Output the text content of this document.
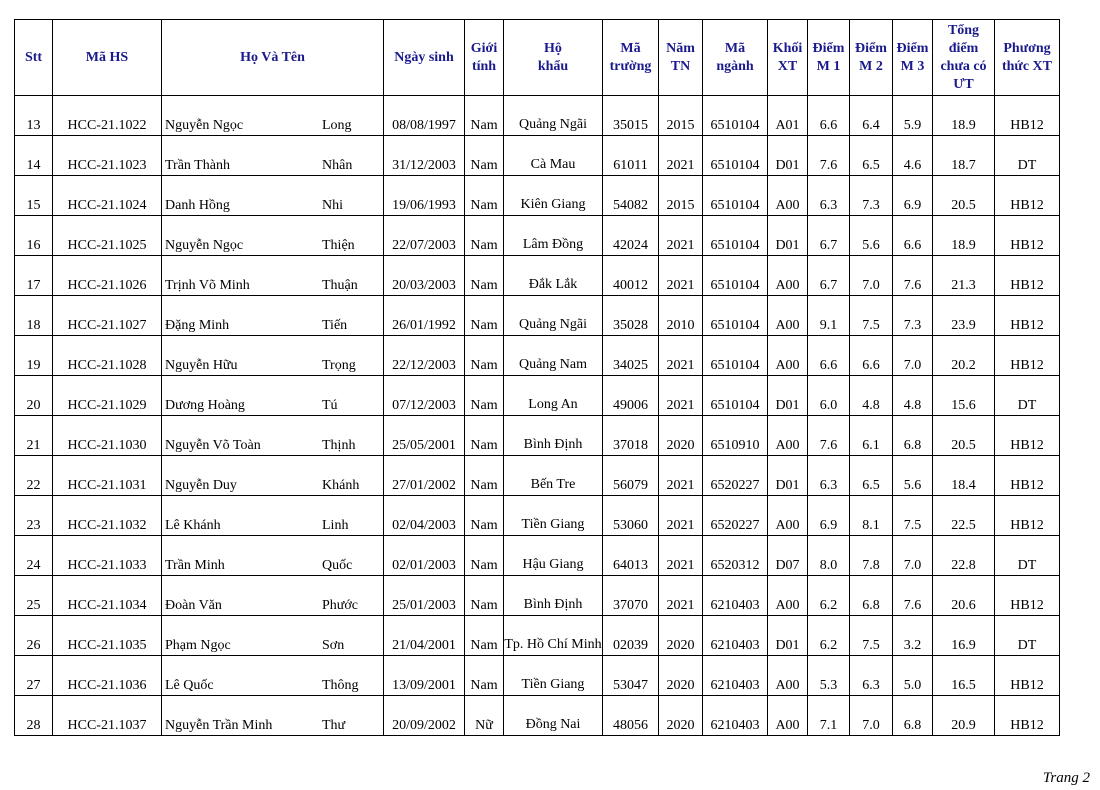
Stt	Mã HS	Họ Và Tên	Ngày sinh	Giới tính	Hộ khẩu	Mã trường	Năm TN	Mã ngành	Khối XT	Điểm M 1	Điểm M 2	Điểm M 3	Tổng điểm chưa có ƯT	Phương thức XT
13	HCC-21.1022	Nguyễn Ngọc Long	08/08/1997	Nam	Quảng Ngãi	35015	2015	6510104	A01	6.6	6.4	5.9	18.9	HB12
14	HCC-21.1023	Trần Thành Nhân	31/12/2003	Nam	Cà Mau	61011	2021	6510104	D01	7.6	6.5	4.6	18.7	DT
15	HCC-21.1024	Danh Hồng Nhi	19/06/1993	Nam	Kiên Giang	54082	2015	6510104	A00	6.3	7.3	6.9	20.5	HB12
16	HCC-21.1025	Nguyễn Ngọc Thiện	22/07/2003	Nam	Lâm Đồng	42024	2021	6510104	D01	6.7	5.6	6.6	18.9	HB12
17	HCC-21.1026	Trịnh Võ Minh Thuận	20/03/2003	Nam	Đắk Lắk	40012	2021	6510104	A00	6.7	7.0	7.6	21.3	HB12
18	HCC-21.1027	Đặng Minh Tiến	26/01/1992	Nam	Quảng Ngãi	35028	2010	6510104	A00	9.1	7.5	7.3	23.9	HB12
19	HCC-21.1028	Nguyễn Hữu Trọng	22/12/2003	Nam	Quảng Nam	34025	2021	6510104	A00	6.6	6.6	7.0	20.2	HB12
20	HCC-21.1029	Dương Hoàng Tú	07/12/2003	Nam	Long An	49006	2021	6510104	D01	6.0	4.8	4.8	15.6	DT
21	HCC-21.1030	Nguyễn Võ Toàn Thịnh	25/05/2001	Nam	Bình Định	37018	2020	6510910	A00	7.6	6.1	6.8	20.5	HB12
22	HCC-21.1031	Nguyễn Duy Khánh	27/01/2002	Nam	Bến Tre	56079	2021	6520227	D01	6.3	6.5	5.6	18.4	HB12
23	HCC-21.1032	Lê Khánh Linh	02/04/2003	Nam	Tiền Giang	53060	2021	6520227	A00	6.9	8.1	7.5	22.5	HB12
24	HCC-21.1033	Trần Minh Quốc	02/01/2003	Nam	Hậu Giang	64013	2021	6520312	D07	8.0	7.8	7.0	22.8	DT
25	HCC-21.1034	Đoàn Văn Phước	25/01/2003	Nam	Bình Định	37070	2021	6210403	A00	6.2	6.8	7.6	20.6	HB12
26	HCC-21.1035	Phạm Ngọc Sơn	21/04/2001	Nam	Tp. Hồ Chí Minh	02039	2020	6210403	D01	6.2	7.5	3.2	16.9	DT
27	HCC-21.1036	Lê Quốc Thông	13/09/2001	Nam	Tiền Giang	53047	2020	6210403	A00	5.3	6.3	5.0	16.5	HB12
28	HCC-21.1037	Nguyễn Trần Minh Thư	20/09/2002	Nữ	Đồng Nai	48056	2020	6210403	A00	7.1	7.0	6.8	20.9	HB12
Trang 2
